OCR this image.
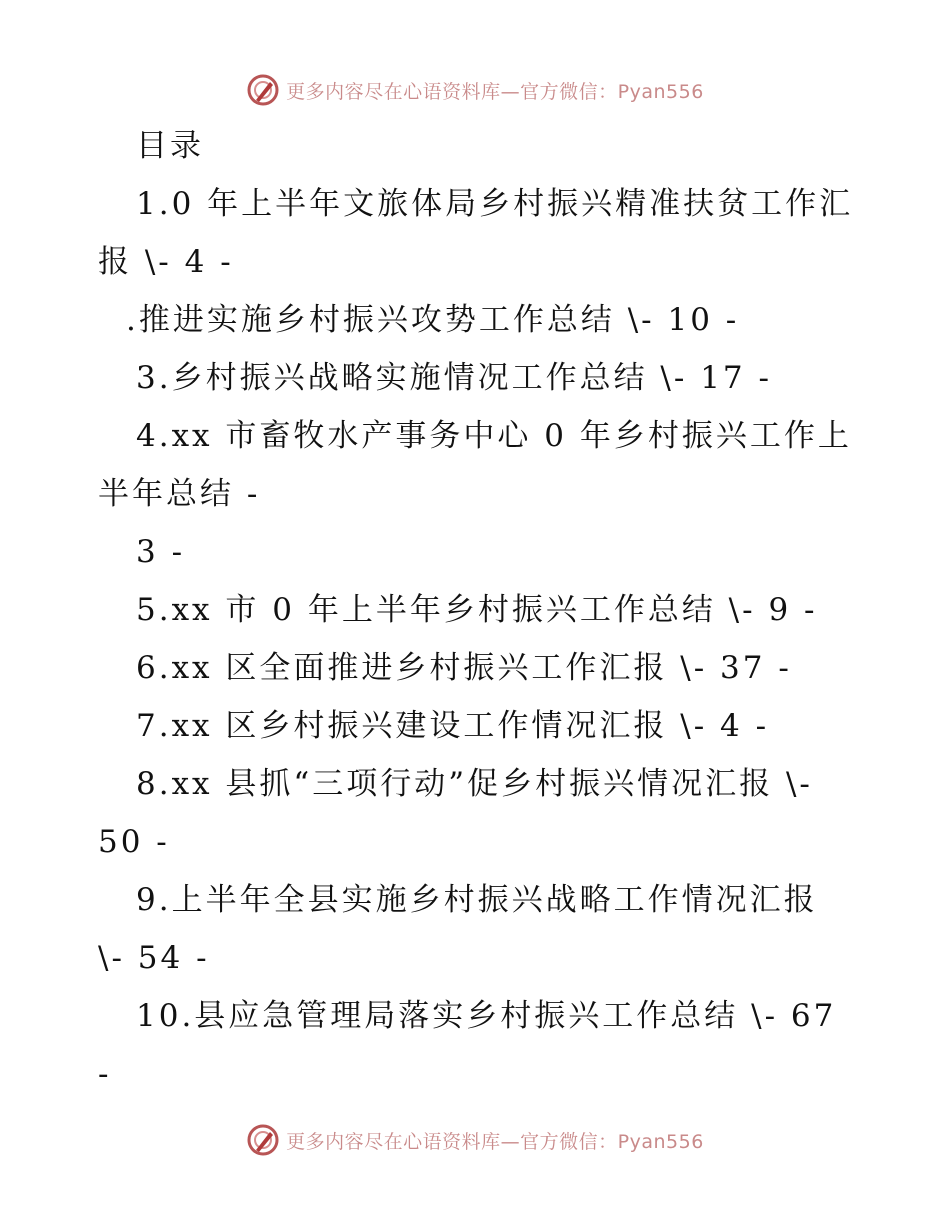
更多内容尽在心语资料库—官方微信：Pyan556
目录
1.0 年上半年文旅体局乡村振兴精准扶贫工作汇
报 \- 4 -
.推进实施乡村振兴攻势工作总结 \- 10 -
3.乡村振兴战略实施情况工作总结 \- 17 -
4.xx 市畜牧水产事务中心 0 年乡村振兴工作上
半年总结 -
3 -
5.xx 市 0 年上半年乡村振兴工作总结 \- 9 -
6.xx 区全面推进乡村振兴工作汇报 \- 37 -
7.xx 区乡村振兴建设工作情况汇报 \- 4 -
8.xx 县抓“三项行动”促乡村振兴情况汇报 \-
50 -
9.上半年全县实施乡村振兴战略工作情况汇报
\- 54 -
10.县应急管理局落实乡村振兴工作总结 \- 67
-
更多内容尽在心语资料库—官方微信：Pyan556
